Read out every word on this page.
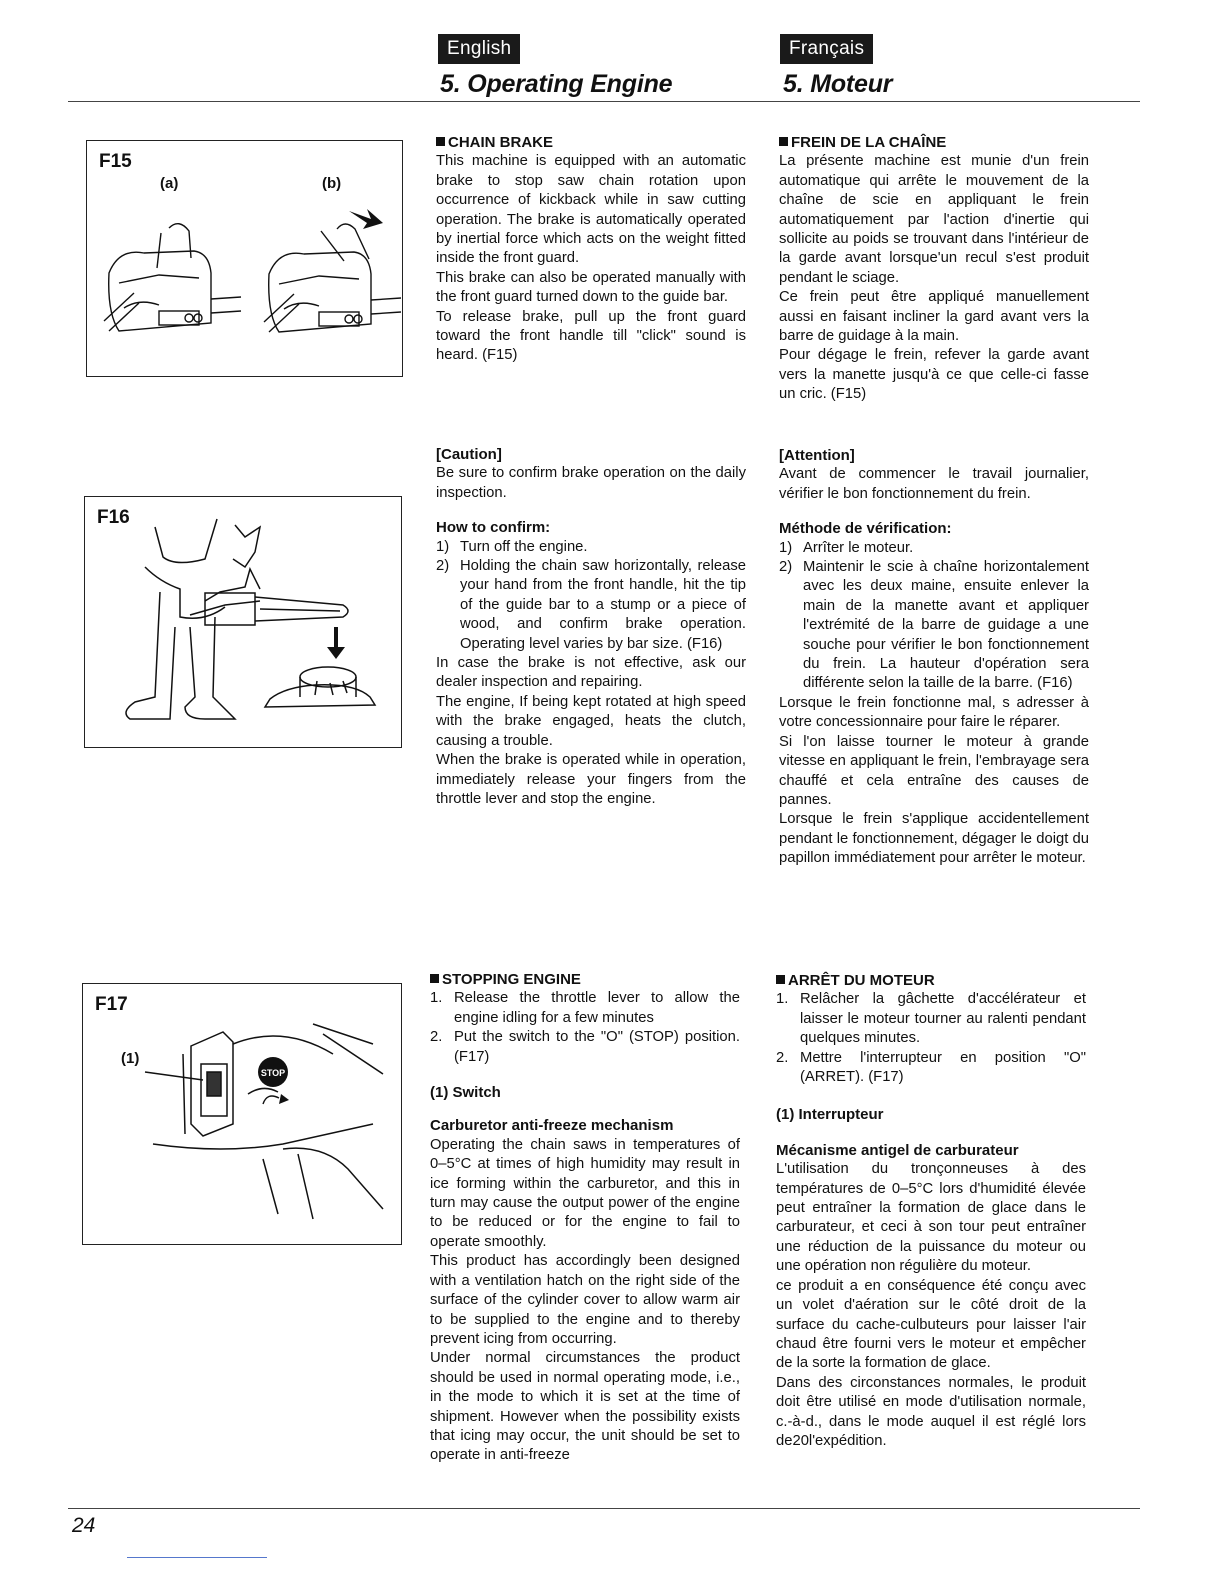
English	Français
5. Operating Engine	5. Moteur
F15
(a)	(b)
F16
F17
(1)
STOP
CHAIN BRAKE

This machine is equipped with an automatic brake to stop saw chain rotation upon occurrence of kickback while in saw cutting operation. The brake is automatically operated by inertial force which acts on the weight fitted inside the front guard.

This brake can also be operated manually with the front guard turned down to the guide bar.

To release brake, pull up the front guard toward the front handle till "click" sound is heard. (F15)

[Caution]

Be sure to confirm brake operation on the daily inspection.

How to confirm:
1) Turn off the engine.
2) Holding the chain saw horizontally, release your hand from the front handle, hit the tip of the guide bar to a stump or a piece of wood, and confirm brake operation. Operating level varies by bar size. (F16)

In case the brake is not effective, ask our dealer inspection and repairing.

The engine, If being kept rotated at high speed with the brake engaged, heats the clutch, causing a trouble.

When the brake is operated while in operation, immediately release your fingers from the throttle lever and stop the engine.

STOPPING ENGINE
1. Release the throttle lever to allow the engine idling for a few minutes
2. Put the switch to the "O" (STOP) position. (F17)
(1) Switch
Carburetor anti-freeze mechanism

Operating the chain saws in temperatures of 0–5°C at times of high humidity may result in ice forming within the carburetor, and this in turn may cause the output power of the engine to be reduced or for the engine to fail to operate smoothly.

This product has accordingly been designed with a ventilation hatch on the right side of the surface of the cylinder cover to allow warm air to be supplied to the engine and to thereby prevent icing from occurring.

Under normal circumstances the product should be used in normal operating mode, i.e., in the mode to which it is set at the time of shipment. However when the possibility exists that icing may occur, the unit should be set to operate in anti-freeze

FREIN DE LA CHAÎNE

La présente machine est munie d'un frein automatique qui arrête le mouvement de la chaîne de scie en appliquant le frein automatiquement par l'action d'inertie qui sollicite au poids se trouvant dans l'intérieur de la garde avant lorsque'un recul s'est produit pendant le sciage.

Ce frein peut être appliqué manuellement aussi en faisant incliner la gard avant vers la barre de guidage à la main.

Pour dégage le frein, refever la garde avant vers la manette jusqu'à ce que celle-ci fasse un cric. (F15)

[Attention]

Avant de commencer le travail journalier, vérifier le bon fonctionnement du frein.

Méthode de vérification:
1) Arrîter le moteur.
2) Maintenir le scie à chaîne horizontalement avec les deux maine, ensuite enlever la main de la manette avant et appliquer l'extrémité de la barre de guidage a une souche pour vérifier le bon fonctionnement du frein. La hauteur d'opération sera différente selon la taille de la barre. (F16)

Lorsque le frein fonctionne mal, s adresser à votre concessionnaire pour faire le réparer.

Si l'on laisse tourner le moteur à grande vitesse en appliquant le frein, l'embrayage sera chauffé et cela entraîne des causes de pannes.

Lorsque le frein s'applique accidentellement pendant le fonctionnement, dégager le doigt du papillon immédiatement pour arrêter le moteur.

ARRÊT DU MOTEUR
1. Relâcher la gâchette d'accélérateur et laisser le moteur tourner au ralenti pendant quelques minutes.
2. Mettre l'interrupteur en position "O" (ARRET). (F17)
(1) Interrupteur
Mécanisme antigel de carburateur

L'utilisation du tronçonneuses à des températures de 0–5°C lors d'humidité élevée peut entraîner la formation de glace dans le carburateur, et ceci à son tour peut entraîner une réduction de la puissance du moteur ou une opération non régulière du moteur.

ce produit a en conséquence été conçu avec un volet d'aération sur le côté droit de la surface du cache-culbuteurs pour laisser l'air chaud être fourni vers le moteur et empêcher de la sorte la formation de glace.

Dans des circonstances normales, le produit doit être utilisé en mode d'utilisation normale, c.-à-d., dans le mode auquel il est réglé lors de20l'expédition.

24
